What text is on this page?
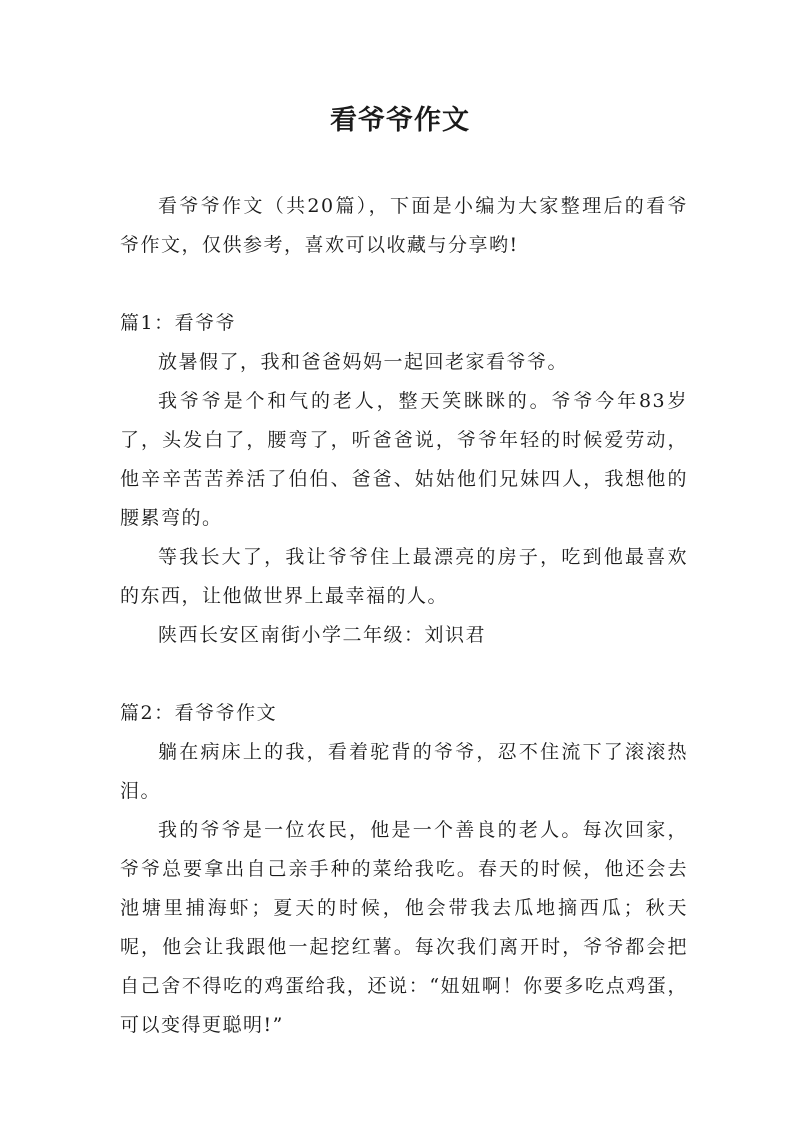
看爷爷作文

看爷爷作文（共20篇），下面是小编为大家整理后的看爷爷作文，仅供参考，喜欢可以收藏与分享哟!

篇1：看爷爷

放暑假了，我和爸爸妈妈一起回老家看爷爷。

我爷爷是个和气的老人，整天笑眯眯的。爷爷今年83岁了，头发白了，腰弯了，听爸爸说，爷爷年轻的时候爱劳动，他辛辛苦苦养活了伯伯、爸爸、姑姑他们兄妹四人，我想他的腰累弯的。

等我长大了，我让爷爷住上最漂亮的房子，吃到他最喜欢的东西，让他做世界上最幸福的人。

陕西长安区南街小学二年级：刘识君

篇2：看爷爷作文

躺在病床上的我，看着驼背的爷爷，忍不住流下了滚滚热泪。

我的爷爷是一位农民，他是一个善良的老人。每次回家，爷爷总要拿出自己亲手种的菜给我吃。春天的时候，他还会去池塘里捕海虾；夏天的时候，他会带我去瓜地摘西瓜；秋天呢，他会让我跟他一起挖红薯。每次我们离开时，爷爷都会把自己舍不得吃的鸡蛋给我，还说：“妞妞啊！你要多吃点鸡蛋，可以变得更聪明!”
